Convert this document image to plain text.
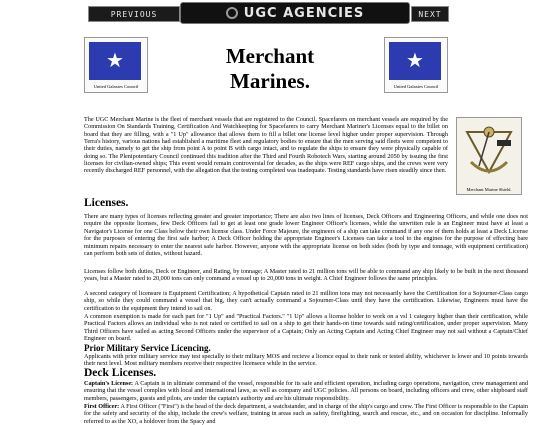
PREVIOUS	UGC AGENCIES	NEXT
★
United Galaxies Council
Merchant Marines.
★
United Galaxies Council
The UGC Merchant Marine is the fleet of merchant vessels that are registered to the Council. Spacefarers on merchant vessels are required by the Commission On Standards Training, Certification And Watchkeeping for Spacefarers to carry Merchant Mariner's Licenses equal to the billet on board that they are filling, with a "1 Up" allowance that allows them to fill a billet one license level higher under proper supervision. Through Terra's history, various nations had established a maritime fleet and regulatory bodies to ensure that the men serving said fleets were competent to their duties, namely to get the ship from point A to point B with cargo intact, and to regulate the ships to ensure they were physically capable of doing so. The Plenipotentiary Council continued this tradition after the Third and Fourth Robotech Wars, starting around 2050 by issuing the first licenses for civilian-owned ships; This event would remain controversial for decades, as the ships were REF cargo ships, and the crews were very recently discharged REF personnel, with the allegation that the testing completed was inadequate. Testing standards have risen steadily since then.
Merchant Marine Shield.
Licenses.
There are many types of licenses reflecting greater and greater importance; There are also two lines of licenses, Deck Officers and Engineering Officers, and while one does not require the opposite licenses, few Deck Officers fail to get at least one grade lower Engineer Officer's licenses, while the unwritten rule is an Engineer must have at least a Navigator's License for one Class below their own license class. Under Force Majeure, the engineers of a ship can take command if any one of them holds at least a Deck License for the purposes of entering the first safe harbor; A Deck Officer holding the appropriate Engineer's Licenses can take a tool to the engines for the purpose of effecting bare minimum repairs necessary to enter the nearest safe harbor. However, anyone with the appropriate license on both sides (both by type and tonnage, with equipment certification) can perform both sets of duties, without hazard.
Licenses follow both duties, Deck or Engineer, and Rating, by tonnage; A Master rated to 21 million tons will be able to command any ship likely to be built in the next thousand years, but a Master rated to 20,000 tons can only command a vessel up to 20,000 tons in weight. A Chief Engineer follows the same principles.
A second category of licensure is Equipment Certification; A hypothetical Captain rated to 21 million tons may not necessarily have the Certification for a Sojourner-Class cargo ship, so while they could command a vessel that big, they can't actually command a Sojourner-Class until they have the certification. Likewise, Engineers must have the certification to the equipment they intend to sail on.
A common exemption is made for each part for "1 Up" and "Practical Factors." "1 Up" allows a license holder to work on a vsl 1 category higher than their certification, while Practical Factors allows an individual who is not rated or certified to sail on a ship to get their hands-on time towards said rating/certification, under proper supervision. Many Third Officers have sailed as acting Second Officers under the supervisor of a Captain; Only an Acting Captain and Acting Chief Engineer may not sail without a Captain/Chief Engineer on board.
Prior Military Service Licencing.
Applicants with prior military service may test specially to their military MOS and recieve a licence equal to their rank or tested ability, whichever is lower and 10 points towards their next level. Most military members receive their respective licensece while in the service.
Deck Licenses.
Captain's License: A Captain is in ultimate command of the vessel, responsible for its safe and efficient operation, including cargo operations, navigation, crew management and ensuring that the vessel complies with local and international laws, as well as company and UGC policies. All persons on board, including officers and crew, other shipboard staff members, passengers, guests and pilots, are under the captain's authority and are his ultimate responsibility.
First Officer: A First Officer ("First") is the head of the deck department, a watchstander, and in charge of the ship's cargo and crew. The First Officer is responsible to the Captain for the safety and security of the ship, include the crew's welfare, training in areas such as safety, firefighting, search and rescue, etc., and on occasion for discipline. Informally referred to as the XO, a holdover from the Spacy and
